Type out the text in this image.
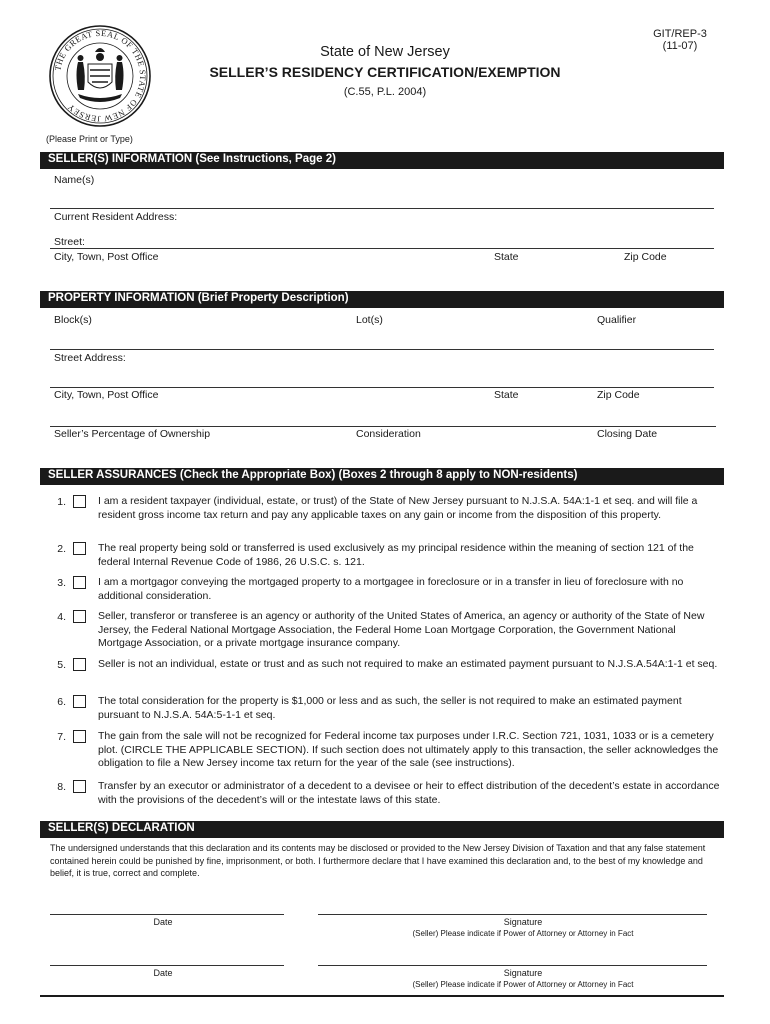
THE GREAT SEAL OF THE STATE OF NEW JERSEY
GIT/REP-3
(11-07)
State of New Jersey
SELLER’S RESIDENCY CERTIFICATION/EXEMPTION
(C.55, P.L. 2004)
(Please Print or Type)
SELLER(S) INFORMATION (See Instructions, Page 2)
Name(s)
Current Resident Address:
Street:
City, Town, Post Office	State	Zip Code
PROPERTY INFORMATION (Brief Property Description)
Block(s)	Lot(s)	Qualifier
Street Address:
City, Town, Post Office	State	Zip Code
Seller’s Percentage of Ownership	Consideration	Closing Date
SELLER ASSURANCES (Check the Appropriate Box) (Boxes 2 through 8 apply to NON-residents)
1.	I am a resident taxpayer (individual, estate, or trust) of the State of New Jersey pursuant to N.J.S.A. 54A:1-1 et seq. and will file a resident gross income tax return and pay any applicable taxes on any gain or income from the disposition of this property.
2.	The real property being sold or transferred is used exclusively as my principal residence within the meaning of section 121 of the federal Internal Revenue Code of 1986, 26 U.S.C. s. 121.
3.	I am a mortgagor conveying the mortgaged property to a mortgagee in foreclosure or in a transfer in lieu of foreclosure with no additional consideration.
4.	Seller, transferor or transferee is an agency or authority of the United States of America, an agency or authority of the State of New Jersey, the Federal National Mortgage Association, the Federal Home Loan Mortgage Corporation, the Government National Mortgage Association, or a private mortgage insurance company.
5.	Seller is not an individual, estate or trust and as such not required to make an estimated payment pursuant to N.J.S.A.54A:1-1 et seq.
6.	The total consideration for the property is $1,000 or less and as such, the seller is not required to make an estimated payment pursuant to N.J.S.A. 54A:5-1-1 et seq.
7.	The gain from the sale will not be recognized for Federal income tax purposes under I.R.C. Section 721, 1031, 1033 or is a cemetery plot. (CIRCLE THE APPLICABLE SECTION). If such section does not ultimately apply to this transaction, the seller acknowledges the obligation to file a New Jersey income tax return for the year of the sale (see instructions).
8.	Transfer by an executor or administrator of a decedent to a devisee or heir to effect distribution of the decedent’s estate in accordance with the provisions of the decedent’s will or the intestate laws of this state.
SELLER(S) DECLARATION
The undersigned understands that this declaration and its contents may be disclosed or provided to the New Jersey Division of Taxation and that any false statement contained herein could be punished by fine, imprisonment, or both. I furthermore declare that I have examined this declaration and, to the best of my knowledge and belief, it is true, correct and complete.
Date	Signature
(Seller) Please indicate if Power of Attorney or Attorney in Fact
Date	Signature
(Seller) Please indicate if Power of Attorney or Attorney in Fact
